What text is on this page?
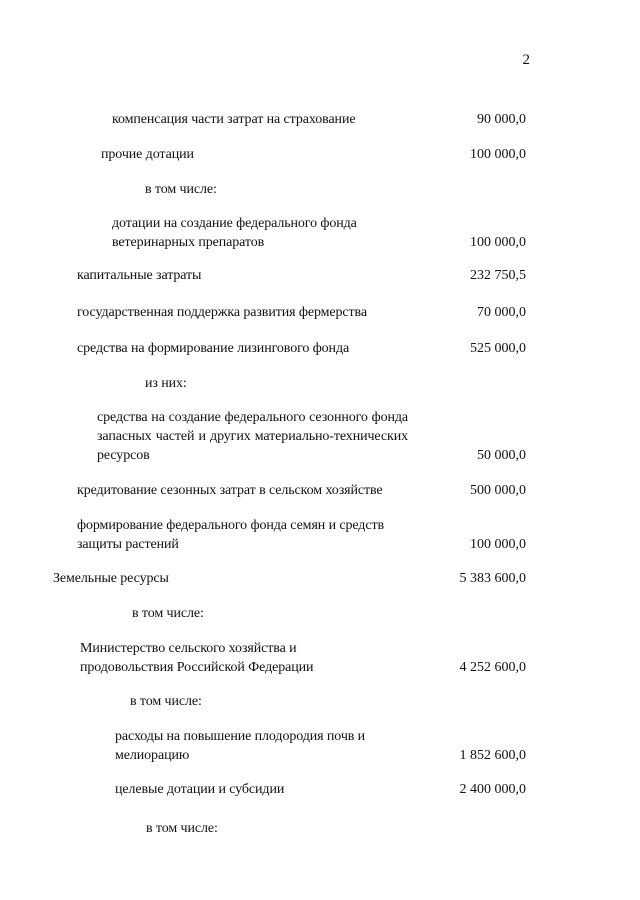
2
компенсация части затрат на страхование	90 000,0
прочие дотации	100 000,0
в том числе:
дотации на создание федерального фонда ветеринарных препаратов	100 000,0
капитальные затраты	232 750,5
государственная поддержка развития фермерства	70 000,0
средства на формирование лизингового фонда	525 000,0
из них:
средства на создание федерального сезонного фонда запасных частей и других материально-технических ресурсов	50 000,0
кредитование сезонных затрат в сельском хозяйстве	500 000,0
формирование федерального фонда семян и средств защиты растений	100 000,0
Земельные ресурсы	5 383 600,0
в том числе:
Министерство сельского хозяйства и продовольствия Российской Федерации	4 252 600,0
в том числе:
расходы на повышение плодородия почв и мелиорацию	1 852 600,0
целевые дотации и субсидии	2 400 000,0
в том числе:
